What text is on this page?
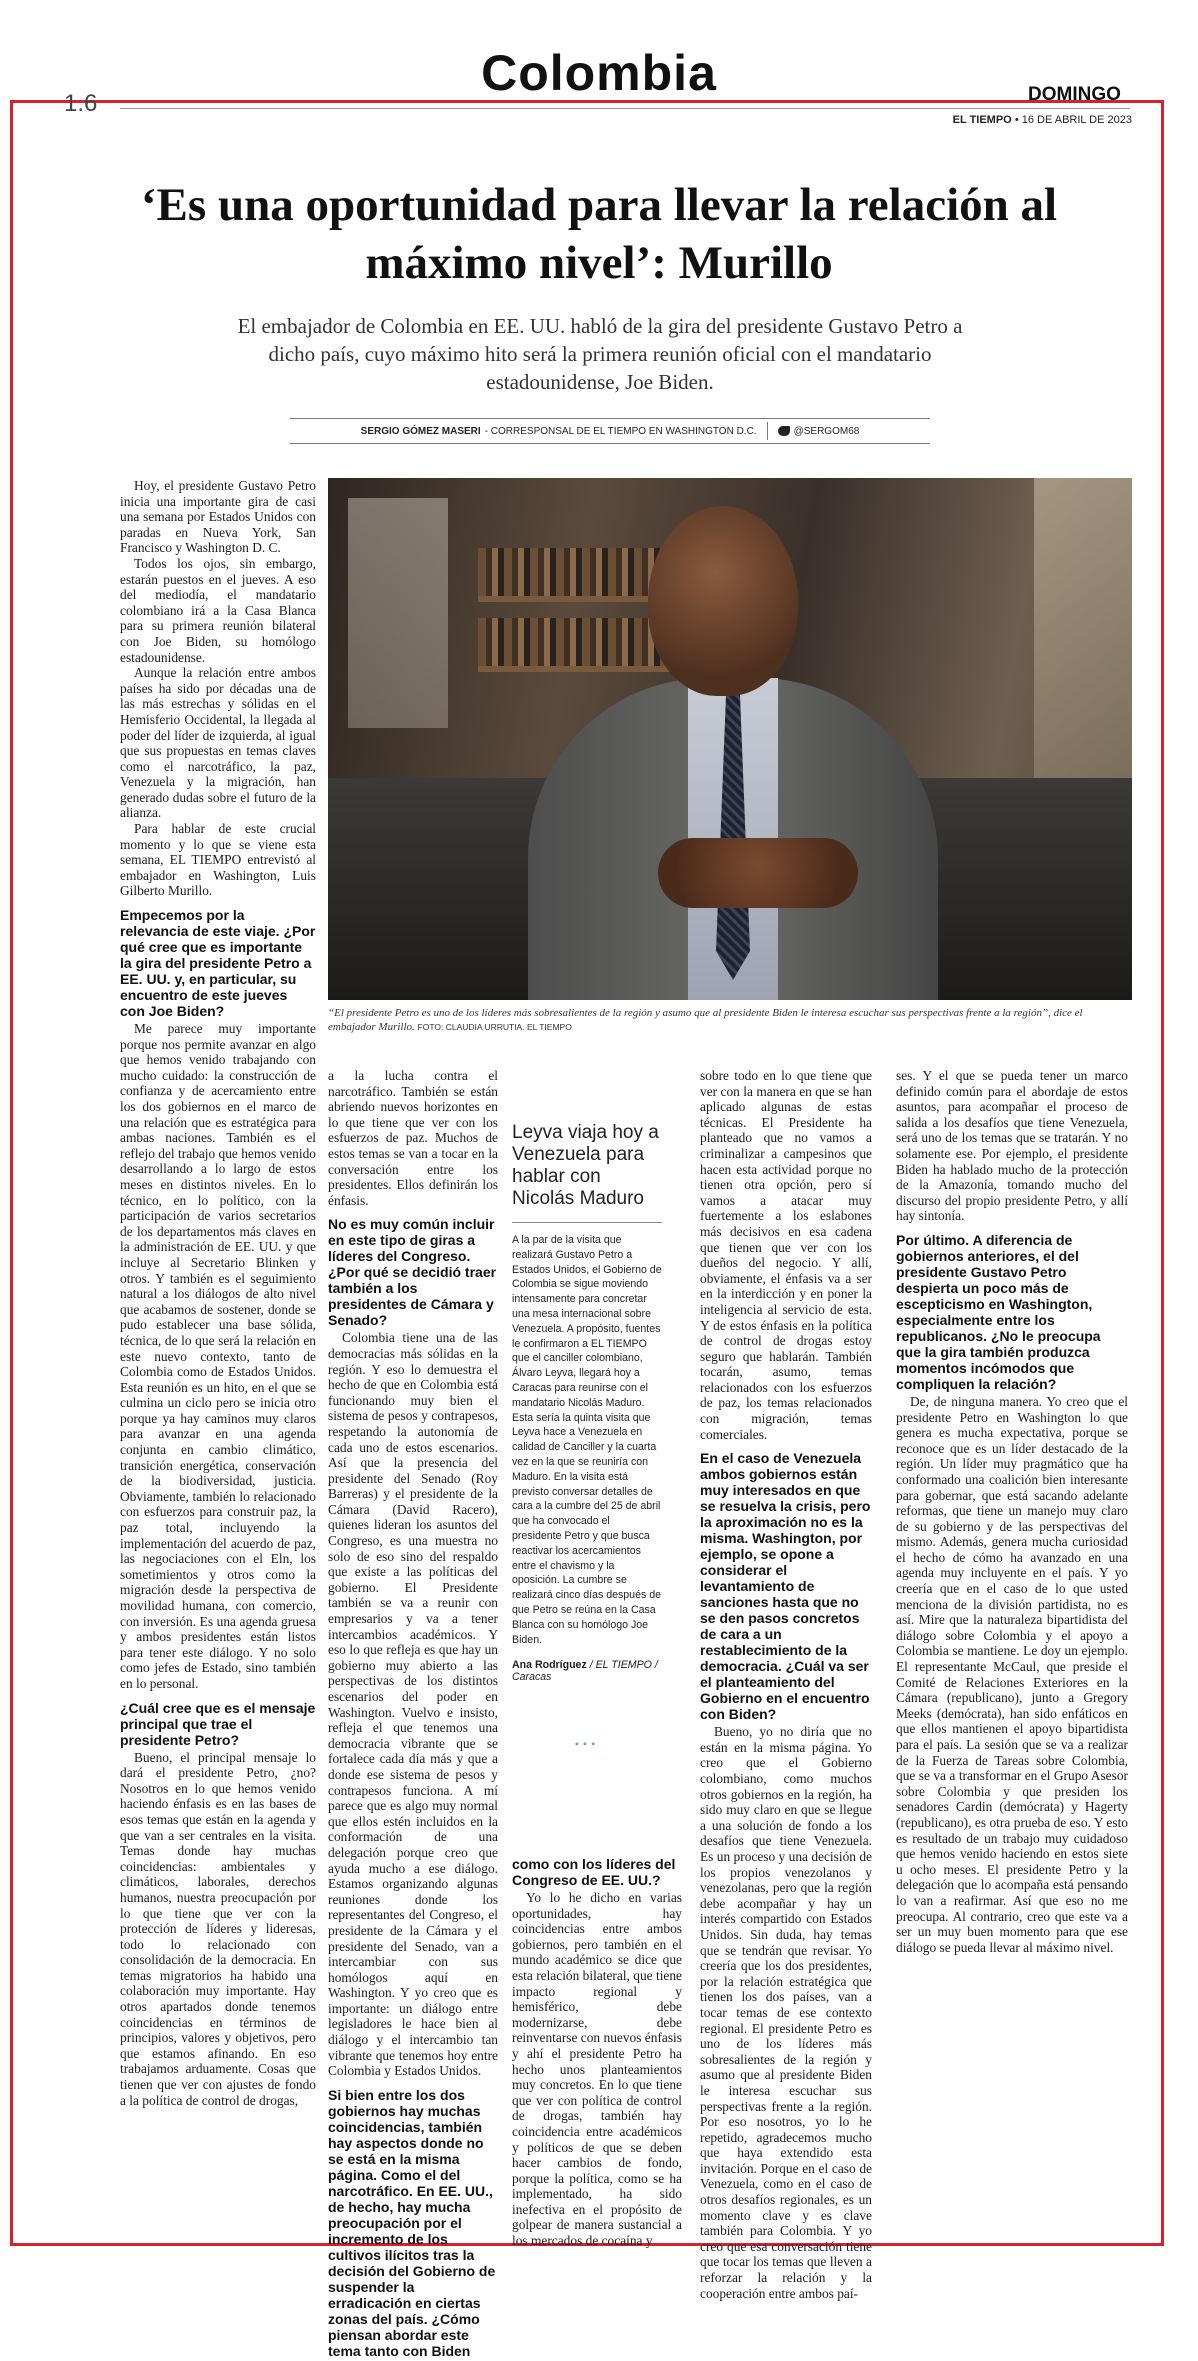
Colombia	DOMINGO
1.6
EL TIEMPO • 16 DE ABRIL DE 2023
‘Es una oportunidad para llevar la relación al máximo nivel’: Murillo
El embajador de Colombia en EE. UU. habló de la gira del presidente Gustavo Petro a dicho país, cuyo máximo hito será la primera reunión oficial con el mandatario estadounidense, Joe Biden.
SERGIO GÓMEZ MASERI - CORRESPONSAL DE EL TIEMPO EN WASHINGTON D.C.	@SERGOM68

Hoy, el presidente Gustavo Petro inicia una importante gira de casi una semana por Estados Unidos con paradas en Nueva York, San Francisco y Washington D. C.

Todos los ojos, sin embargo, estarán puestos en el jueves. A eso del mediodía, el mandatario colombiano irá a la Casa Blanca para su primera reunión bilateral con Joe Biden, su homólogo estadounidense.

Aunque la relación entre ambos países ha sido por décadas una de las más estrechas y sólidas en el Hemisferio Occidental, la llegada al poder del líder de izquierda, al igual que sus propuestas en temas claves como el narcotráfico, la paz, Venezuela y la migración, han generado dudas sobre el futuro de la alianza.

Para hablar de este crucial momento y lo que se viene esta semana, EL TIEMPO entrevistó al embajador en Washington, Luis Gilberto Murillo.

Empecemos por la relevancia de este viaje. ¿Por qué cree que es importante la gira del presidente Petro a EE. UU. y, en particular, su encuentro de este jueves con Joe Biden?

Me parece muy importante porque nos permite avanzar en algo que hemos venido trabajando con mucho cuidado: la construcción de confianza y de acercamiento entre los dos gobiernos en el marco de una relación que es estratégica para ambas naciones. También es el reflejo del trabajo que hemos venido desarrollando a lo largo de estos meses en distintos niveles. En lo técnico, en lo político, con la participación de varios secretarios de los departamentos más claves en la administración de EE. UU. y que incluye al Secretario Blinken y otros. Y también es el seguimiento natural a los diálogos de alto nivel que acabamos de sostener, donde se pudo establecer una base sólida, técnica, de lo que será la relación en este nuevo contexto, tanto de Colombia como de Estados Unidos. Esta reunión es un hito, en el que se culmina un ciclo pero se inicia otro porque ya hay caminos muy claros para avanzar en una agenda conjunta en cambio climático, transición energética, conservación de la biodiversidad, justicia. Obviamente, también lo relacionado con esfuerzos para construir paz, la paz total, incluyendo la implementación del acuerdo de paz, las negociaciones con el Eln, los sometimientos y otros como la migración desde la perspectiva de movilidad humana, con comercio, con inversión. Es una agenda gruesa y ambos presidentes están listos para tener este diálogo. Y no solo como jefes de Estado, sino también en lo personal.

¿Cuál cree que es el mensaje principal que trae el presidente Petro?

Bueno, el principal mensaje lo dará el presidente Petro, ¿no? Nosotros en lo que hemos venido haciendo énfasis es en las bases de esos temas que están en la agenda y que van a ser centrales en la visita. Temas donde hay muchas coincidencias: ambientales y climáticos, laborales, derechos humanos, nuestra preocupación por lo que tiene que ver con la protección de líderes y lideresas, todo lo relacionado con consolidación de la democracia. En temas migratorios ha habido una colaboración muy importante. Hay otros apartados donde tenemos coincidencias en términos de principios, valores y objetivos, pero que estamos afinando. En eso trabajamos arduamente. Cosas que tienen que ver con ajustes de fondo a la política de control de drogas,

“El presidente Petro es uno de los líderes más sobresalientes de la región y asumo que al presidente Biden le interesa escuchar sus perspectivas frente a la región”, dice el embajador Murillo. FOTO: CLAUDIA URRUTIA. EL TIEMPO

a la lucha contra el narcotráfico. También se están abriendo nuevos horizontes en lo que tiene que ver con los esfuerzos de paz. Muchos de estos temas se van a tocar en la conversación entre los presidentes. Ellos definirán los énfasis.

No es muy común incluir en este tipo de giras a líderes del Congreso. ¿Por qué se decidió traer también a los presidentes de Cámara y Senado?

Colombia tiene una de las democracias más sólidas en la región. Y eso lo demuestra el hecho de que en Colombia está funcionando muy bien el sistema de pesos y contrapesos, respetando la autonomía de cada uno de estos escenarios. Así que la presencia del presidente del Senado (Roy Barreras) y el presidente de la Cámara (David Racero), quienes lideran los asuntos del Congreso, es una muestra no solo de eso sino del respaldo que existe a las políticas del gobierno. El Presidente también se va a reunir con empresarios y va a tener intercambios académicos. Y eso lo que refleja es que hay un gobierno muy abierto a las perspectivas de los distintos escenarios del poder en Washington. Vuelvo e insisto, refleja el que tenemos una democracia vibrante que se fortalece cada día más y que a donde ese sistema de pesos y contrapesos funciona. A mí parece que es algo muy normal que ellos estén incluidos en la conformación de una delegación porque creo que ayuda mucho a ese diálogo. Estamos organizando algunas reuniones donde los representantes del Congreso, el presidente de la Cámara y el presidente del Senado, van a intercambiar con sus homólogos aquí en Washington. Y yo creo que es importante: un diálogo entre legisladores le hace bien al diálogo y el intercambio tan vibrante que tenemos hoy entre Colombia y Estados Unidos.

Si bien entre los dos gobiernos hay muchas coincidencias, también hay aspectos donde no se está en la misma página. Como el del narcotráfico. En EE. UU., de hecho, hay mucha preocupación por el incremento de los cultivos ilícitos tras la decisión del Gobierno de suspender la erradicación en ciertas zonas del país. ¿Cómo piensan abordar este tema tanto con Biden
Leyva viaja hoy a Venezuela para hablar con Nicolás Maduro
A la par de la visita que realizará Gustavo Petro a Estados Unidos, el Gobierno de Colombia se sigue moviendo intensamente para concretar una mesa internacional sobre Venezuela. A propósito, fuentes le confirmaron a EL TIEMPO que el canciller colombiano, Álvaro Leyva, llegará hoy a Caracas para reunirse con el mandatario Nicolás Maduro. Esta sería la quinta visita que Leyva hace a Venezuela en calidad de Canciller y la cuarta vez en la que se reuniría con Maduro. En la visita está previsto conversar detalles de cara a la cumbre del 25 de abril que ha convocado el presidente Petro y que busca reactivar los acercamientos entre el chavismo y la oposición. La cumbre se realizará cinco días después de que Petro se reúna en la Casa Blanca con su homólogo Joe Biden.
Ana Rodríguez / EL TIEMPO / Caracas
•••
como con los líderes del Congreso de EE. UU.?

Yo lo he dicho en varias oportunidades, hay coincidencias entre ambos gobiernos, pero también en el mundo académico se dice que esta relación bilateral, que tiene impacto regional y hemisférico, debe modernizarse, debe reinventarse con nuevos énfasis y ahí el presidente Petro ha hecho unos planteamientos muy concretos. En lo que tiene que ver con política de control de drogas, también hay coincidencia entre académicos y políticos de que se deben hacer cambios de fondo, porque la política, como se ha implementado, ha sido inefectiva en el propósito de golpear de manera sustancial a los mercados de cocaína y

sobre todo en lo que tiene que ver con la manera en que se han aplicado algunas de estas técnicas. El Presidente ha planteado que no vamos a criminalizar a campesinos que hacen esta actividad porque no tienen otra opción, pero sí vamos a atacar muy fuertemente a los eslabones más decisivos en esa cadena que tienen que ver con los dueños del negocio. Y allí, obviamente, el énfasis va a ser en la interdicción y en poner la inteligencia al servicio de esta. Y de estos énfasis en la política de control de drogas estoy seguro que hablarán. También tocarán, asumo, temas relacionados con los esfuerzos de paz, los temas relacionados con migración, temas comerciales.

En el caso de Venezuela ambos gobiernos están muy interesados en que se resuelva la crisis, pero la aproximación no es la misma. Washington, por ejemplo, se opone a considerar el levantamiento de sanciones hasta que no se den pasos concretos de cara a un restablecimiento de la democracia. ¿Cuál va ser el planteamiento del Gobierno en el encuentro con Biden?

Bueno, yo no diría que no están en la misma página. Yo creo que el Gobierno colombiano, como muchos otros gobiernos en la región, ha sido muy claro en que se llegue a una solución de fondo a los desafíos que tiene Venezuela. Es un proceso y una decisión de los propios venezolanos y venezolanas, pero que la región debe acompañar y hay un interés compartido con Estados Unidos. Sin duda, hay temas que se tendrán que revisar. Yo creería que los dos presidentes, por la relación estratégica que tienen los dos países, van a tocar temas de ese contexto regional. El presidente Petro es uno de los líderes más sobresalientes de la región y asumo que al presidente Biden le interesa escuchar sus perspectivas frente a la región. Por eso nosotros, yo lo he repetido, agradecemos mucho que haya extendido esta invitación. Porque en el caso de Venezuela, como en el caso de otros desafíos regionales, es un momento clave y es clave también para Colombia. Y yo creo que esa conversación tiene que tocar los temas que lleven a reforzar la relación y la cooperación entre ambos paí-

ses. Y el que se pueda tener un marco definido común para el abordaje de estos asuntos, para acompañar el proceso de salida a los desafíos que tiene Venezuela, será uno de los temas que se tratarán. Y no solamente ese. Por ejemplo, el presidente Biden ha hablado mucho de la protección de la Amazonía, tomando mucho del discurso del propio presidente Petro, y allí hay sintonía.

Por último. A diferencia de gobiernos anteriores, el del presidente Gustavo Petro despierta un poco más de escepticismo en Washington, especialmente entre los republicanos. ¿No le preocupa que la gira también produzca momentos incómodos que compliquen la relación?

De, de ninguna manera. Yo creo que el presidente Petro en Washington lo que genera es mucha expectativa, porque se reconoce que es un líder destacado de la región. Un líder muy pragmático que ha conformado una coalición bien interesante para gobernar, que está sacando adelante reformas, que tiene un manejo muy claro de su gobierno y de las perspectivas del mismo. Además, genera mucha curiosidad el hecho de cómo ha avanzado en una agenda muy incluyente en el país. Y yo creería que en el caso de lo que usted menciona de la división partidista, no es así. Mire que la naturaleza bipartidista del diálogo sobre Colombia y el apoyo a Colombia se mantiene. Le doy un ejemplo. El representante McCaul, que preside el Comité de Relaciones Exteriores en la Cámara (republicano), junto a Gregory Meeks (demócrata), han sido enfáticos en que ellos mantienen el apoyo bipartidista para el país. La sesión que se va a realizar de la Fuerza de Tareas sobre Colombia, que se va a transformar en el Grupo Asesor sobre Colombia y que presiden los senadores Cardin (demócrata) y Hagerty (republicano), es otra prueba de eso. Y esto es resultado de un trabajo muy cuidadoso que hemos venido haciendo en estos siete u ocho meses. El presidente Petro y la delegación que lo acompaña está pensando lo van a reafirmar. Así que eso no me preocupa. Al contrario, creo que este va a ser un muy buen momento para que ese diálogo se pueda llevar al máximo nivel.
